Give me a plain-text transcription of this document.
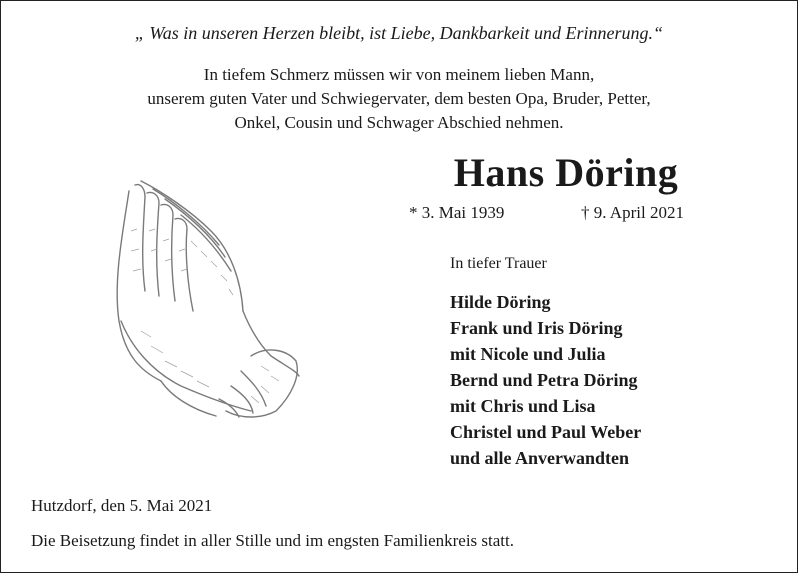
„ Was in unseren Herzen bleibt, ist Liebe, Dankbarkeit und Erinnerung.“
In tiefem Schmerz müssen wir von meinem lieben Mann,
unserem guten Vater und Schwiegervater, dem besten Opa, Bruder, Petter,
Onkel, Cousin und Schwager Abschied nehmen.
Hans Döring
* 3. Mai 1939	† 9. April 2021
In tiefer Trauer
Hilde Döring
Frank und Iris Döring
mit Nicole und Julia
Bernd und Petra Döring
mit Chris und Lisa
Christel und Paul Weber
und alle Anverwandten
Hutzdorf, den 5. Mai 2021
Die Beisetzung findet in aller Stille und im engsten Familienkreis statt.
